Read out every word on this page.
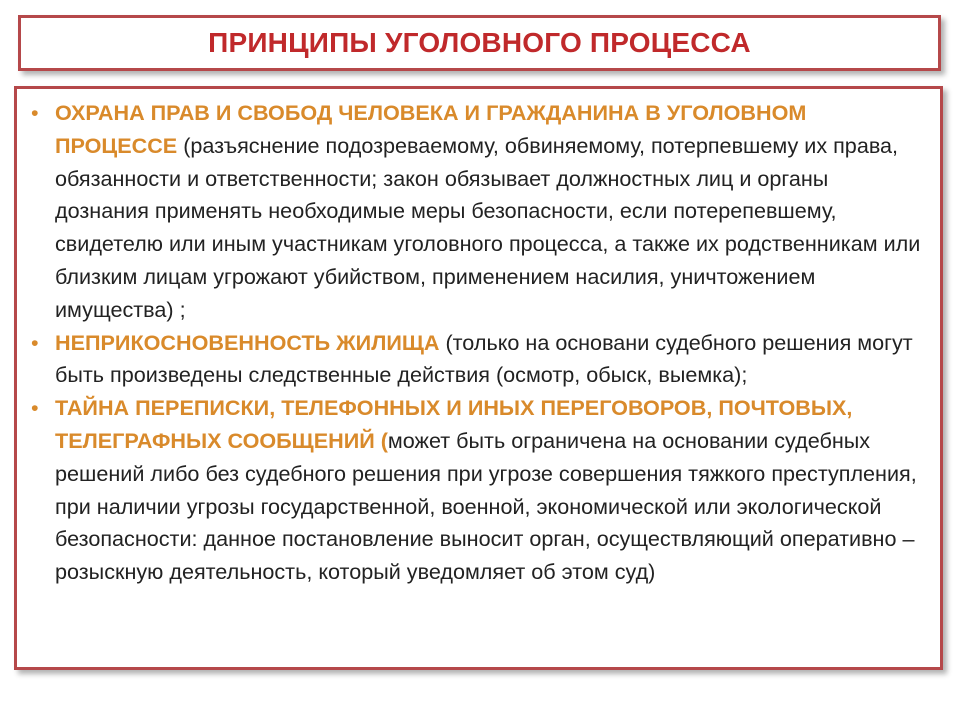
ПРИНЦИПЫ УГОЛОВНОГО ПРОЦЕССА
• ОХРАНА ПРАВ И СВОБОД ЧЕЛОВЕКА И ГРАЖДАНИНА В УГОЛОВНОМ ПРОЦЕССЕ (разъяснение подозреваемому, обвиняемому, потерпевшему их права, обязанности и ответственности; закон обязывает должностных лиц и органы дознания применять необходимые меры безопасности, если потерепевшему, свидетелю или иным участникам уголовного процесса, а также их родственникам или близким лицам угрожают убийством, применением насилия, уничтожением имущества) ;
• НЕПРИКОСНОВЕННОСТЬ ЖИЛИЩА (только на основани судебного решения могут быть произведены следственные действия (осмотр, обыск, выемка);
• ТАЙНА ПЕРЕПИСКИ, ТЕЛЕФОННЫХ И ИНЫХ ПЕРЕГОВОРОВ, ПОЧТОВЫХ, ТЕЛЕГРАФНЫХ СООБЩЕНИЙ (может быть ограничена на основании судебных решений либо без судебного решения при угрозе совершения тяжкого преступления, при наличии угрозы государственной, военной, экономической или экологической безопасности: данное постановление выносит орган, осуществляющий оперативно – розыскную деятельность, который уведомляет об этом суд)
